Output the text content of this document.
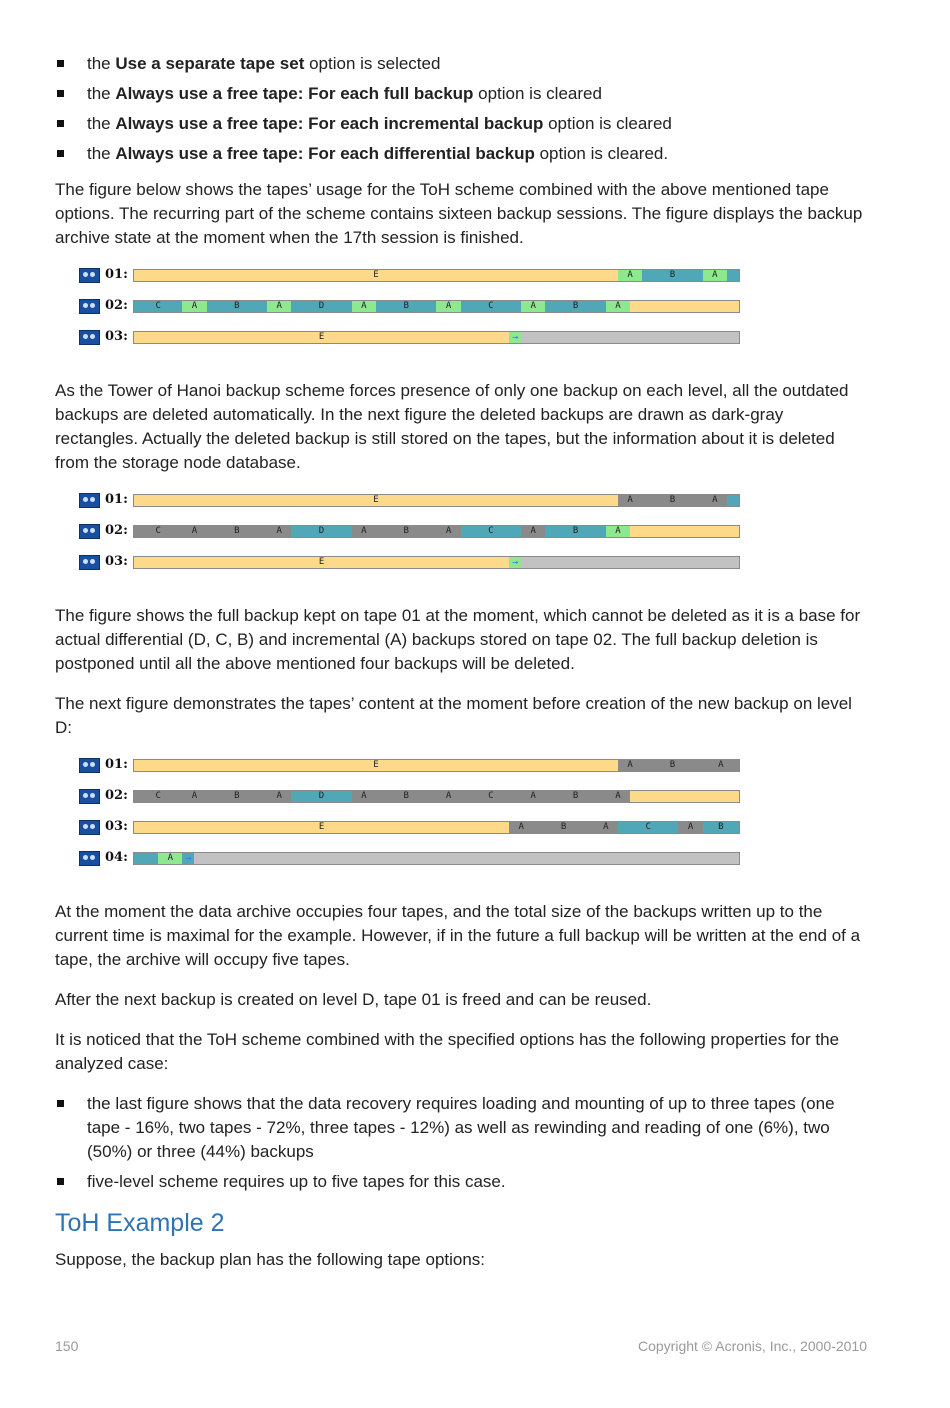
the Use a separate tape set option is selected
the Always use a free tape: For each full backup option is cleared
the Always use a free tape: For each incremental backup option is cleared
the Always use a free tape: For each differential backup option is cleared.

The figure below shows the tapes’ usage for the ToH scheme combined with the above mentioned tape options. The recurring part of the scheme contains sixteen backup sessions. The figure displays the backup archive state at the moment when the 17th session is finished.

01:	E	A	B	A
02:	C	A	B	A	D	A	B	A	C	A	B	A
03:	E	→

As the Tower of Hanoi backup scheme forces presence of only one backup on each level, all the outdated backups are deleted automatically. In the next figure the deleted backups are drawn as dark-gray rectangles. Actually the deleted backup is still stored on the tapes, but the information about it is deleted from the storage node database.

01:	E	A	B	A
02:	C	A	B	A	D	A	B	A	C	A	B	A
03:	E	→

The figure shows the full backup kept on tape 01 at the moment, which cannot be deleted as it is a base for actual differential (D, C, B) and incremental (A) backups stored on tape 02. The full backup deletion is postponed until all the above mentioned four backups will be deleted.

The next figure demonstrates the tapes’ content at the moment before creation of the new backup on level D:

01:	E	A	B	A
02:	C	A	B	A	D	A	B	A	C	A	B	A
03:	E	A	B	A	C	A	B
04:	A	→

At the moment the data archive occupies four tapes, and the total size of the backups written up to the current time is maximal for the example. However, if in the future a full backup will be written at the end of a tape, the archive will occupy five tapes.

After the next backup is created on level D, tape 01 is freed and can be reused.

It is noticed that the ToH scheme combined with the specified options has the following properties for the analyzed case:

the last figure shows that the data recovery requires loading and mounting of up to three tapes (one tape - 16%, two tapes - 72%, three tapes - 12%) as well as rewinding and reading of one (6%), two (50%) or three (44%) backups
five-level scheme requires up to five tapes for this case.
ToH Example 2

Suppose, the backup plan has the following tape options:

150	Copyright © Acronis, Inc., 2000-2010
